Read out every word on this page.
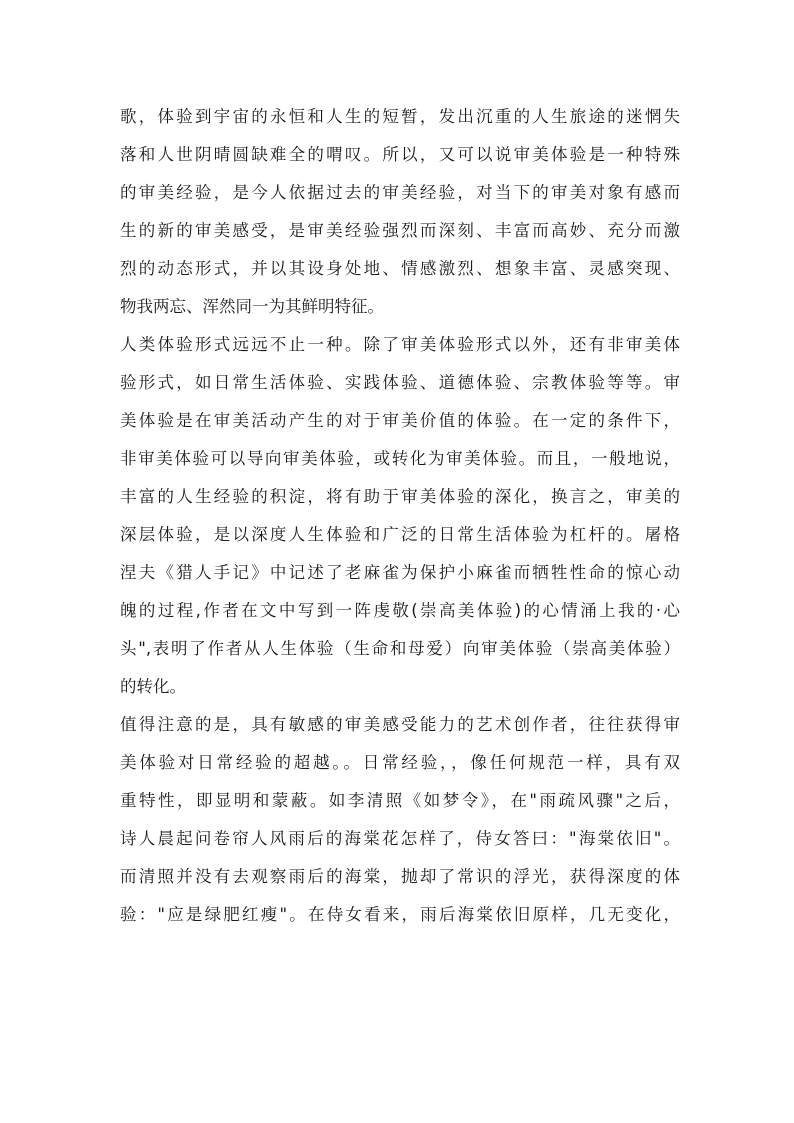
歌，体验到宇宙的永恒和人生的短暂，发出沉重的人生旅途的迷惘失
落和人世阴晴圆缺难全的喟叹。所以，又可以说审美体验是一种特殊
的审美经验，是今人依据过去的审美经验，对当下的审美对象有感而
生的新的审美感受，是审美经验强烈而深刻、丰富而高妙、充分而激
烈的动态形式，并以其设身处地、情感激烈、想象丰富、灵感突现、
物我两忘、浑然同一为其鲜明特征。
人类体验形式远远不止一种。除了审美体验形式以外，还有非审美体
验形式，如日常生活体验、实践体验、道德体验、宗教体验等等。审
美体验是在审美活动产生的对于审美价值的体验。在一定的条件下，
非审美体验可以导向审美体验，或转化为审美体验。而且，一般地说，
丰富的人生经验的积淀，将有助于审美体验的深化，换言之，审美的
深层体验，是以深度人生体验和广泛的日常生活体验为杠杆的。屠格
涅夫《猎人手记》中记述了老麻雀为保护小麻雀而牺牲性命的惊心动
魄的过程,作者在文中写到一阵虔敬(崇高美体验)的心情涌上我的·心
头",表明了作者从人生体验（生命和母爱）向审美体验（崇高美体验）
的转化。
值得注意的是，具有敏感的审美感受能力的艺术创作者，往往获得审
美体验对日常经验的超越。。日常经验，，像任何规范一样，具有双
重特性，即显明和蒙蔽。如李清照《如梦令》，在"雨疏风骤"之后，
诗人晨起问卷帘人风雨后的海棠花怎样了，侍女答曰："海棠依旧"。
而清照并没有去观察雨后的海棠，抛却了常识的浮光，获得深度的体
验："应是绿肥红瘦"。在侍女看来，雨后海棠依旧原样，几无变化，
